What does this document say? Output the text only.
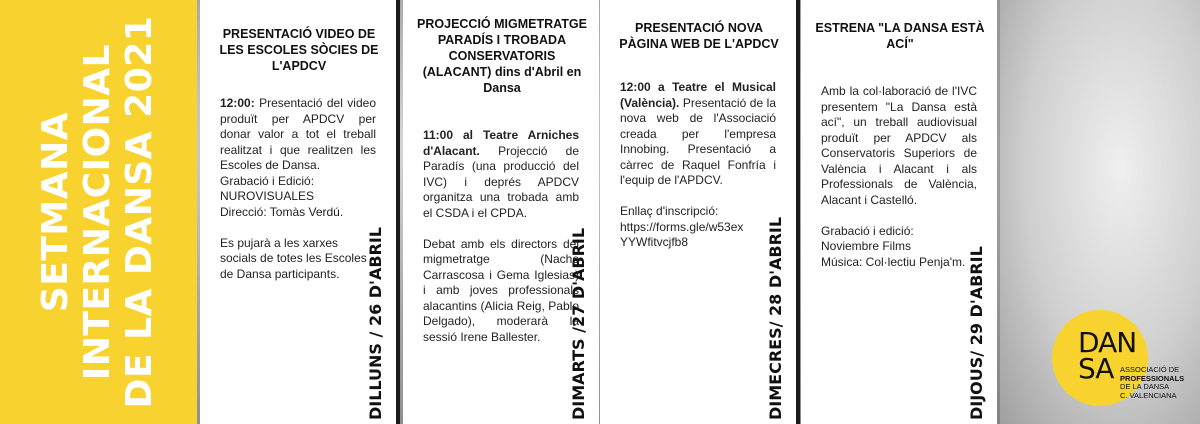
SETMANA INTERNACIONAL DE LA DANSA 2021	PRESENTACIÓ VIDEO DE LES ESCOLES SÒCIES DE L'APDCV

12:00: Presentació del video produït per APDCV per donar valor a tot el treball realitzat i que realitzen les Escoles de Dansa.

Grabació i Edició:

NUROVISUALES

Direcció: Tomàs Verdú.

Es pujarà a les xarxes socials de totes les Escoles de Dansa participants.	DILLUNS / 26 D'ABRIL
PROJECCIÓ MIGMETRATGE PARADÍS I TROBADA CONSERVATORIS (ALACANT) dins d'Abril en Dansa

11:00 al Teatre Arniches d'Alacant. Projecció de Paradís (una producció del IVC) i deprés APDCV organitza una trobada amb el CSDA i el CPDA.

Debat amb els directors del migmetratge (Nacho Carrascosa i Gema Iglesias) i amb joves professionals alacantins (Alicia Reig, Pablo Delgado), moderarà la sessió Irene Ballester.	DIMARTS /27 D'ABRIL
PRESENTACIÓ NOVA PÀGINA WEB DE L'APDCV

12:00 a Teatre el Musical (València). Presentació de la nova web de l'Associació creada per l'empresa Innobing. Presentació a càrrec de Raquel Fonfría i l'equip de l'APDCV.

Enllaç d'inscripció:

https://forms.gle/w53ex YYWfitvcjfb8	DIMECRES/ 28 D'ABRIL
ESTRENA "LA DANSA ESTÀ ACÍ"

Amb la col·laboració de l'IVC presentem "La Dansa està ací", un treball audiovisual produït per APDCV als Conservatoris Superiors de València i Alacant i als Professionals de València, Alacant i Castelló.

Grabació i edició:

Noviembre Films

Música: Col·lectiu Penja'm. DIJOUS/ 29 D'ABRIL	DAN
SA ASSOCIACIÓ DE
PROFESSIONALS
DE LA DANSA
C. VALENCIANA
